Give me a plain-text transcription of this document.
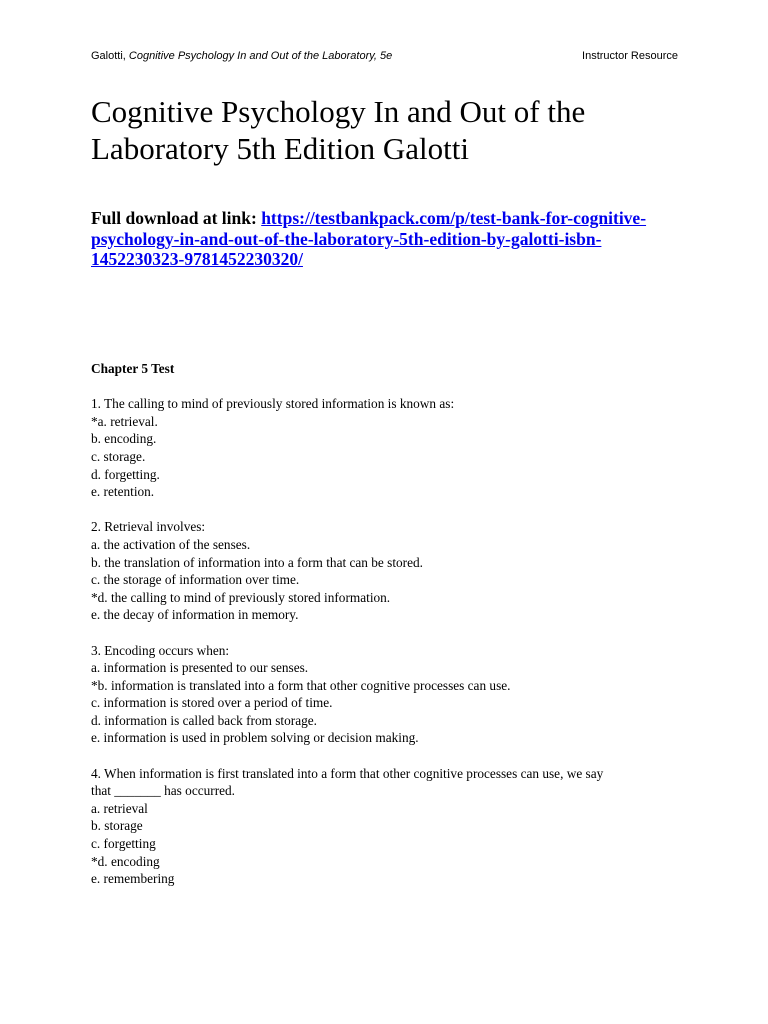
Galotti, Cognitive Psychology In and Out of the Laboratory, 5e	Instructor Resource
Cognitive Psychology In and Out of the
Laboratory 5th Edition Galotti
Full download at link: https://testbankpack.com/p/test-bank-for-cognitive-
psychology-in-and-out-of-the-laboratory-5th-edition-by-galotti-isbn-
1452230323-9781452230320/
Chapter 5 Test
1. The calling to mind of previously stored information is known as:
*a. retrieval.
b. encoding.
c. storage.
d. forgetting.
e. retention.
2. Retrieval involves:
a. the activation of the senses.
b. the translation of information into a form that can be stored.
c. the storage of information over time.
*d. the calling to mind of previously stored information.
e. the decay of information in memory.
3. Encoding occurs when:
a. information is presented to our senses.
*b. information is translated into a form that other cognitive processes can use.
c. information is stored over a period of time.
d. information is called back from storage.
e. information is used in problem solving or decision making.
4. When information is first translated into a form that other cognitive processes can use, we say
that _______ has occurred.
a. retrieval
b. storage
c. forgetting
*d. encoding
e. remembering
